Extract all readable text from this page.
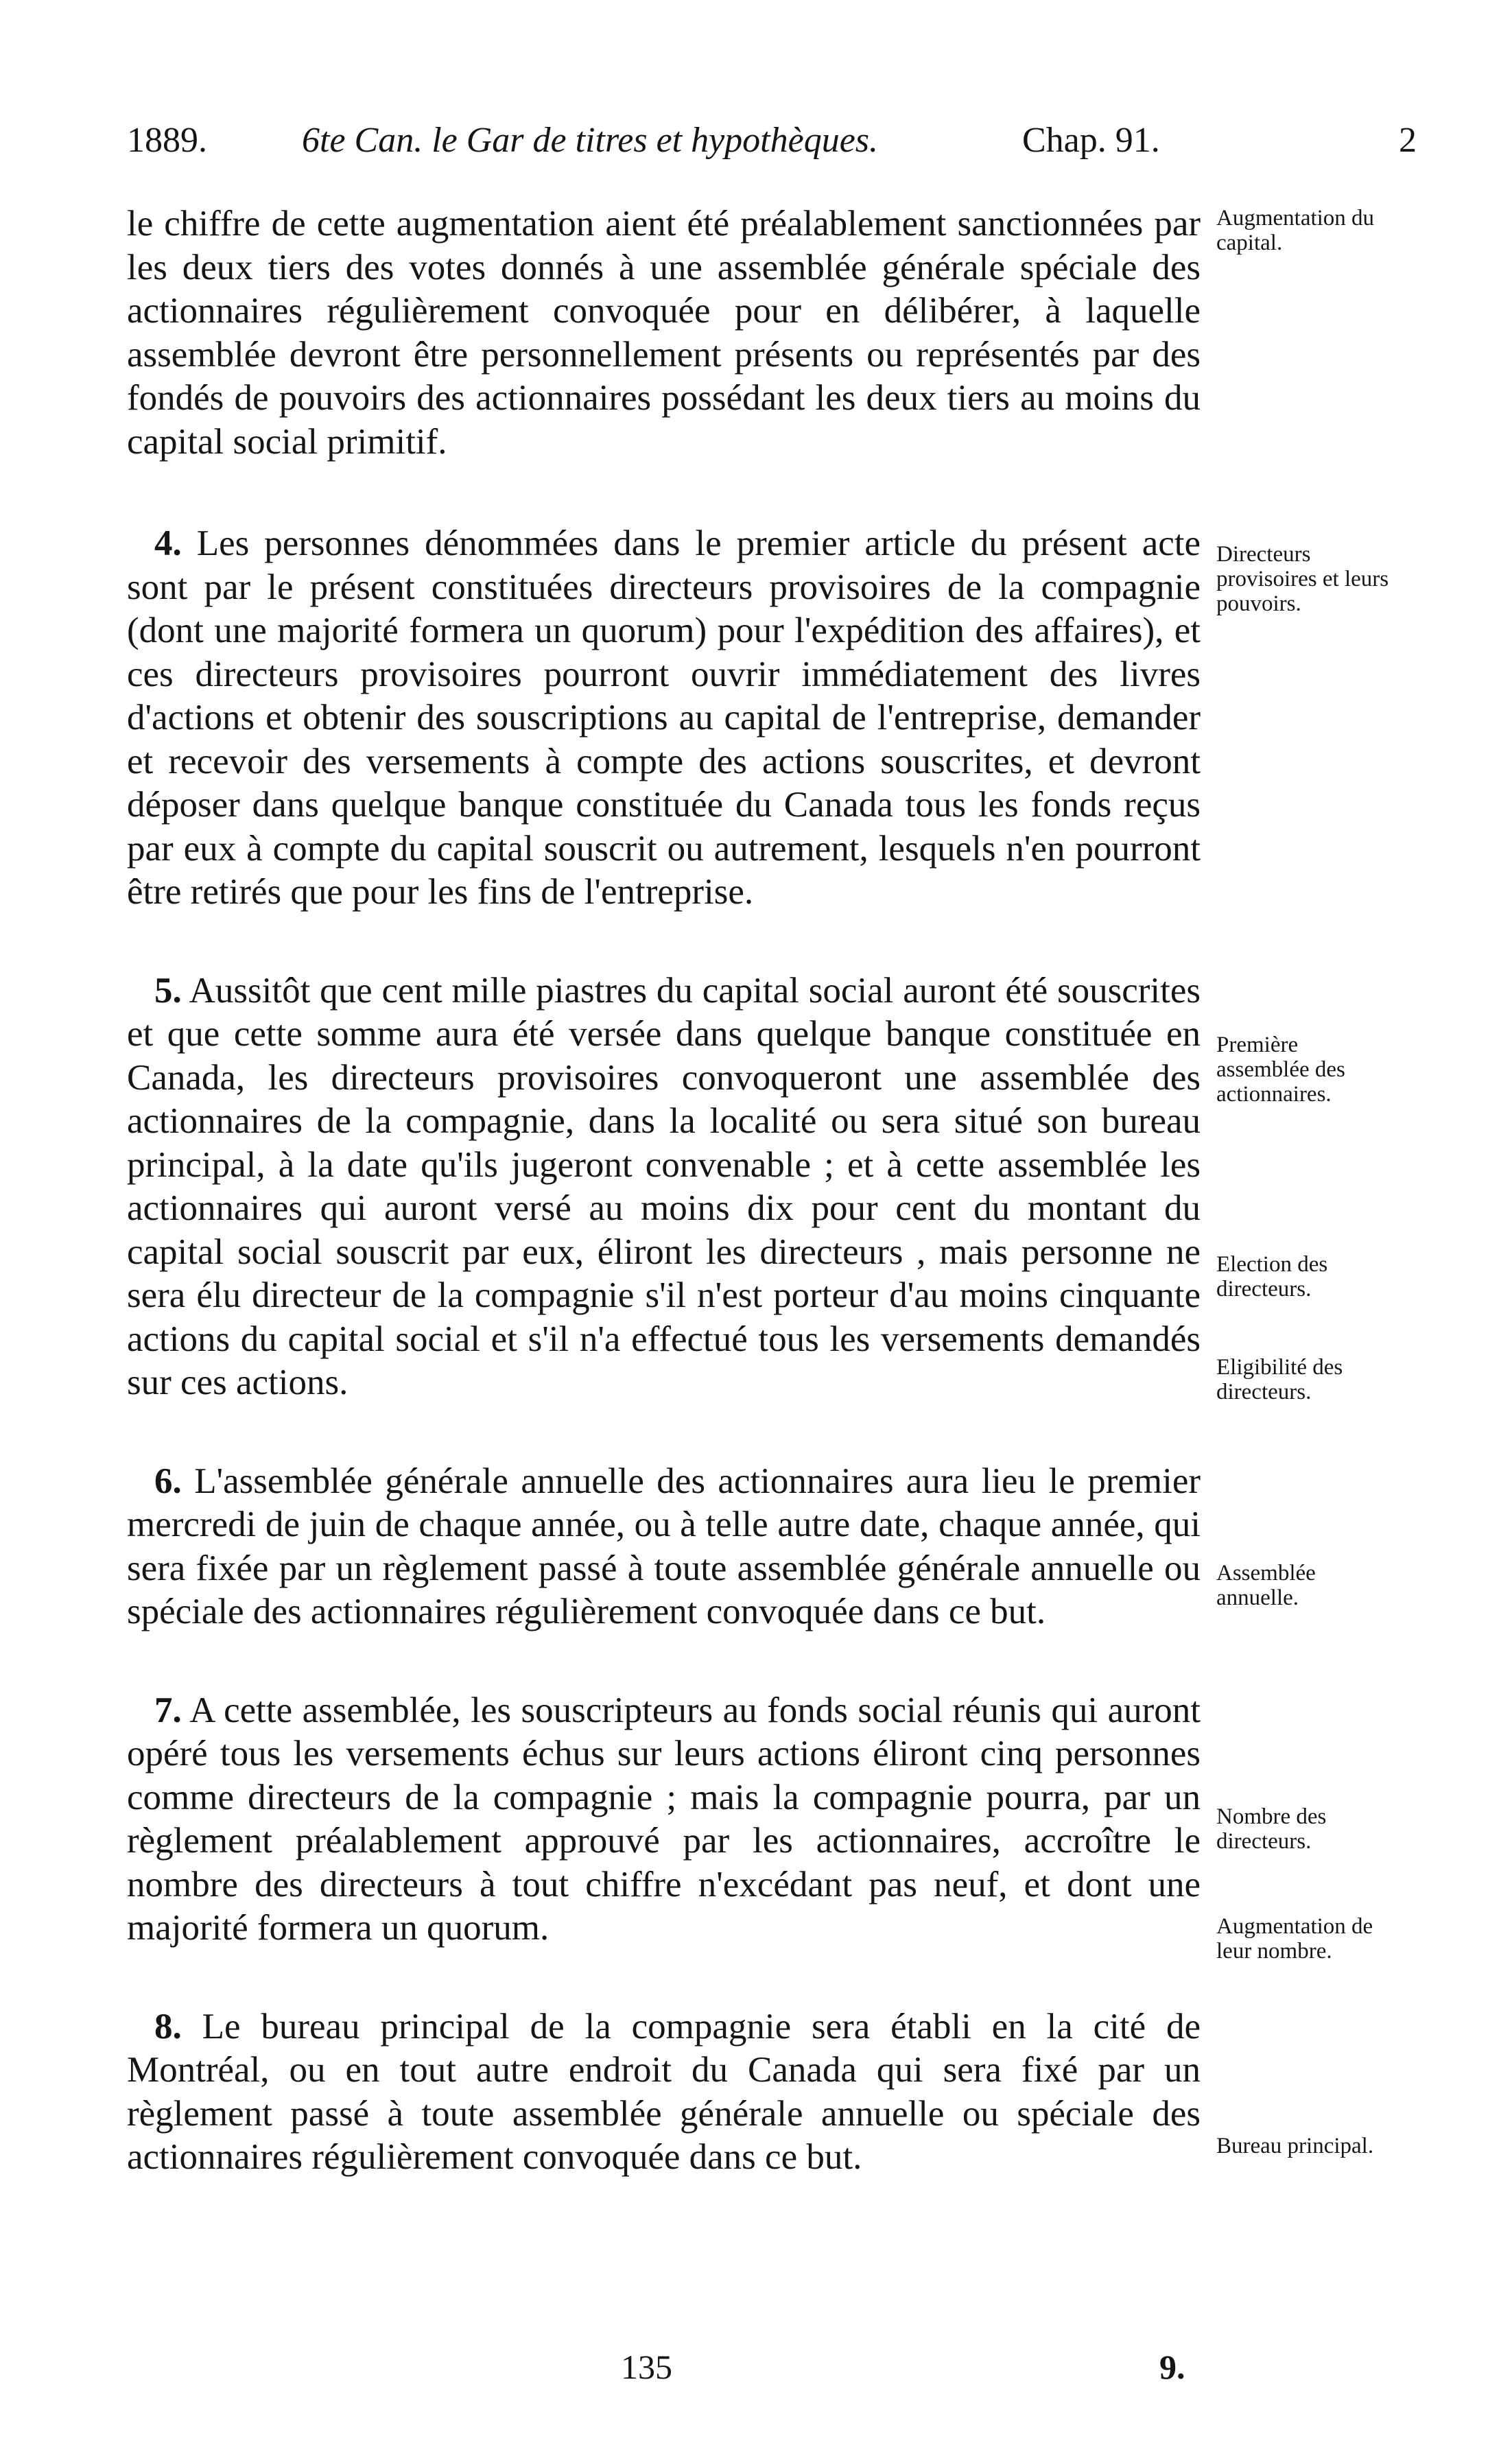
1889.	6te Can. le Gar de titres et hypothèques.	Chap. 91.	2

le chiffre de cette augmentation aient été préalablement sanctionnées par les deux tiers des votes donnés à une assemblée générale spéciale des actionnaires régulièrement convoquée pour en délibérer, à laquelle assemblée devront être personnellement présents ou représentés par des fondés de pouvoirs des actionnaires possédant les deux tiers au moins du capital social primitif.

4. Les personnes dénommées dans le premier article du présent acte sont par le présent constituées directeurs provisoires de la compagnie (dont une majorité formera un quorum) pour l'expédition des affaires), et ces directeurs provisoires pourront ouvrir immédiatement des livres d'actions et obtenir des souscriptions au capital de l'entreprise, demander et recevoir des versements à compte des actions souscrites, et devront déposer dans quelque banque constituée du Canada tous les fonds reçus par eux à compte du capital souscrit ou autrement, lesquels n'en pourront être retirés que pour les fins de l'entreprise.

5. Aussitôt que cent mille piastres du capital social auront été souscrites et que cette somme aura été versée dans quelque banque constituée en Canada, les directeurs provisoires convoqueront une assemblée des actionnaires de la compagnie, dans la localité ou sera situé son bureau principal, à la date qu'ils jugeront convenable ; et à cette assemblée les actionnaires qui auront versé au moins dix pour cent du montant du capital social souscrit par eux, éliront les directeurs , mais personne ne sera élu directeur de la compagnie s'il n'est porteur d'au moins cinquante actions du capital social et s'il n'a effectué tous les versements demandés sur ces actions.

6. L'assemblée générale annuelle des actionnaires aura lieu le premier mercredi de juin de chaque année, ou à telle autre date, chaque année, qui sera fixée par un règlement passé à toute assemblée générale annuelle ou spéciale des actionnaires régulièrement convoquée dans ce but.

7. A cette assemblée, les souscripteurs au fonds social réunis qui auront opéré tous les versements échus sur leurs actions éliront cinq personnes comme directeurs de la compagnie ; mais la compagnie pourra, par un règlement préalablement approuvé par les actionnaires, accroître le nombre des directeurs à tout chiffre n'excédant pas neuf, et dont une majorité formera un quorum.

8. Le bureau principal de la compagnie sera établi en la cité de Montréal, ou en tout autre endroit du Canada qui sera fixé par un règlement passé à toute assemblée générale annuelle ou spéciale des actionnaires régulièrement convoquée dans ce but.

Augmentation du capital.
Directeurs provisoires et leurs pouvoirs.
Première assemblée des actionnaires.
Election des directeurs.
Eligibilité des directeurs.
Assemblée annuelle.
Nombre des directeurs.
Augmentation de leur nombre.
Bureau principal.
135	9.
